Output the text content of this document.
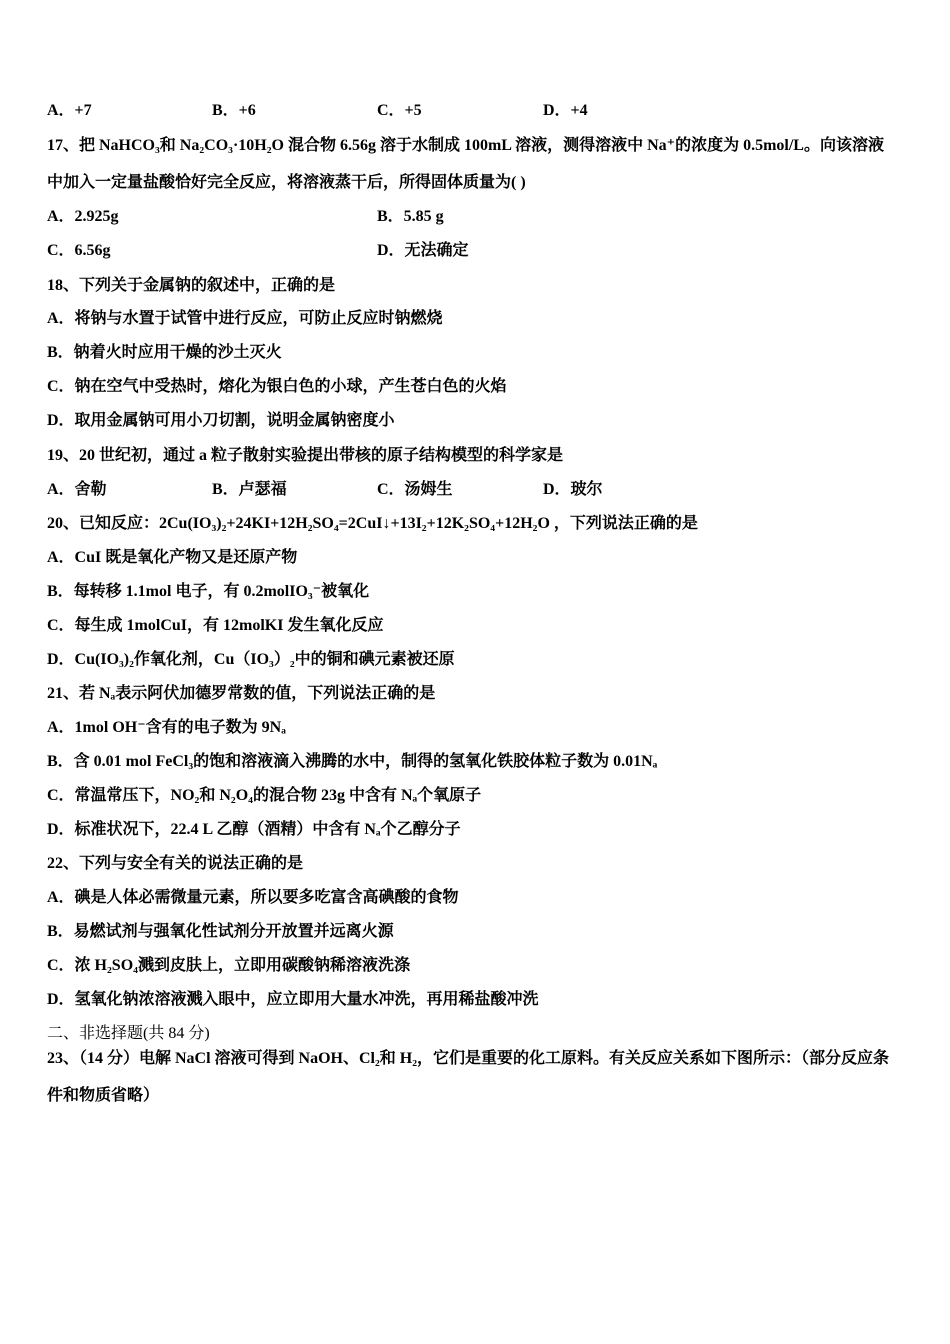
A．+7	B．+6	C．+5	D．+4
17、把 NaHCO₃和 Na₂CO₃·10H₂O 混合物 6.56g 溶于水制成 100mL 溶液，测得溶液中 Na⁺的浓度为 0.5mol/L。向该溶液
中加入一定量盐酸恰好完全反应，将溶液蒸干后，所得固体质量为( )
A．2.925g	B．5.85 g
C．6.56g	D．无法确定
18、下列关于金属钠的叙述中，正确的是
A．将钠与水置于试管中进行反应，可防止反应时钠燃烧
B．钠着火时应用干燥的沙土灭火
C．钠在空气中受热时，熔化为银白色的小球，产生苍白色的火焰
D．取用金属钠可用小刀切割，说明金属钠密度小
19、20 世纪初，通过 a 粒子散射实验提出带核的原子结构模型的科学家是
A．舍勒	B．卢瑟福	C．汤姆生	D．玻尔
20、已知反应：2Cu(IO₃)₂+24KI+12H₂SO₄=2CuI↓+13I₂+12K₂SO₄+12H₂O ，下列说法正确的是
A．CuI 既是氧化产物又是还原产物
B．每转移 1.1mol 电子，有 0.2molIO₃⁻被氧化
C．每生成 1molCuI，有 12molKI 发生氧化反应
D．Cu(IO₃)₂作氧化剂，Cu（IO₃）₂中的铜和碘元素被还原
21、若 Nₐ表示阿伏加德罗常数的值，下列说法正确的是
A．1mol OH⁻含有的电子数为 9Nₐ
B．含 0.01 mol FeCl₃的饱和溶液滴入沸腾的水中，制得的氢氧化铁胶体粒子数为 0.01Nₐ
C．常温常压下，NO₂和 N₂O₄的混合物 23g 中含有 Nₐ个氧原子
D．标准状况下，22.4 L 乙醇（酒精）中含有 Nₐ个乙醇分子
22、下列与安全有关的说法正确的是
A．碘是人体必需微量元素，所以要多吃富含高碘酸的食物
B．易燃试剂与强氧化性试剂分开放置并远离火源
C．浓 H₂SO₄溅到皮肤上，立即用碳酸钠稀溶液洗涤
D．氢氧化钠浓溶液溅入眼中，应立即用大量水冲洗，再用稀盐酸冲洗
二、非选择题(共 84 分)
23、（14 分）电解 NaCl 溶液可得到 NaOH、Cl₂和 H₂，它们是重要的化工原料。有关反应关系如下图所示：（部分反应条
件和物质省略）
